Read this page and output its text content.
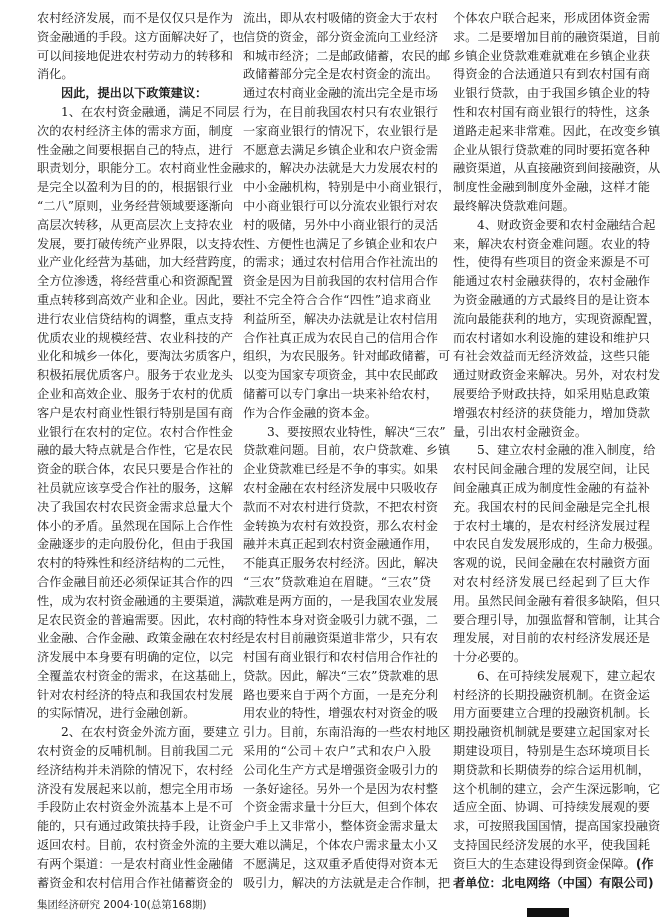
农村经济发展，而不是仅仅只是作为
资金融通的手段。这方面解决好了，也
可以间接地促进农村劳动力的转移和
消化。
因此，提出以下政策建议：
1、在农村资金融通，满足不同层
次的农村经济主体的需求方面，制度
性金融之间要根据自己的特点，进行
职责划分，职能分工。农村商业性金融
是完全以盈利为目的的，根据银行业
“二八”原则，业务经营领域要逐渐向
高层次转移，从更高层次上支持农业
发展，要打破传统产业界限，以支持农
业产业化经营为基础，加大经营跨度，
全方位渗透，将经营重心和资源配置
重点转移到高效产业和企业。因此，要
进行农业信贷结构的调整，重点支持
优质农业的规模经营、农业科技的产
业化和城乡一体化，要淘汰劣质客户，
积极拓展优质客户。服务于农业龙头
企业和高效企业、服务于农村的优质
客户是农村商业性银行特别是国有商
业银行在农村的定位。农村合作性金
融的最大特点就是合作性，它是农民
资金的联合体，农民只要是合作社的
社员就应该享受合作社的服务，这解
决了我国农村农民资金需求总量大个
体小的矛盾。虽然现在国际上合作性
金融逐步的走向股份化，但由于我国
农村的特殊性和经济结构的二元性，
合作金融目前还必须保证其合作的四
性，成为农村资金融通的主要渠道，满
足农民资金的普遍需要。因此，农村商
业金融、合作金融、政策金融在农村经
济发展中本身要有明确的定位，以完
全覆盖农村资金的需求，在这基础上，
针对农村经济的特点和我国农村发展
的实际情况，进行金融创新。
2、在农村资金外流方面，要建立
农村资金的反哺机制。目前我国二元
经济结构并未消除的情况下，农村经
济没有发展起来以前，想完全用市场
手段防止农村资金外流基本上是不可
能的，只有通过政策扶持手段，让资金
返回农村。目前，农村资金外流的主要
有两个渠道：一是农村商业性金融储
蓄资金和农村信用合作社储蓄资金的
流出，即从农村吸储的资金大于农村
信贷的资金，部分资金流向工业经济
和城市经济；二是邮政储蓄，农民的邮
政储蓄部分完全是农村资金的流出。
通过农村商业金融的流出完全是市场
行为，在目前我国农村只有农业银行
一家商业银行的情况下，农业银行是
不愿意去满足乡镇企业和农户资金需
求的，解决办法就是大力发展农村的
中小金融机构，特别是中小商业银行，
中小商业银行可以分流农业银行对农
村的吸储，另外中小商业银行的灵活
性、方便性也满足了乡镇企业和农户
的需求；通过农村信用合作社流出的
资金是因为目前我国的农村信用合作
社不完全符合合作“四性”追求商业
利益所至，解决办法就是让农村信用
合作社真正成为农民自己的信用合作
组织，为农民服务。针对邮政储蓄，可
以变为国家专项资金，其中农民邮政
储蓄可以专门拿出一块来补给农村，
作为合作金融的资本金。
3、要按照农业特性，解决“三农”
贷款难问题。目前，农户贷款难、乡镇
企业贷款难已经是不争的事实。如果
农村金融在农村经济发展中只吸收存
款而不对农村进行贷款，不把农村资
金转换为农村有效投资，那么农村金
融并未真正起到农村资金融通作用，
不能真正服务农村经济。因此，解决
“三农”贷款难迫在眉睫。“三农”贷
款难是两方面的，一是我国农业发展
的特性本身对资金吸引力就不强，二
是农村目前融资渠道非常少，只有农
村国有商业银行和农村信用合作社的
贷款。因此，解决“三农”贷款难的思
路也要来自于两个方面，一是充分利
用农业的特性，增强农村对资金的吸
引力。目前，东南沿海的一些农村地区
采用的“公司＋农户”式和农户入股
公司化生产方式是增强资金吸引力的
一条好途径。另外一个是因为农村整
个资金需求量十分巨大，但到个体农
户手上又非常小，整体资金需求量太
大难以满足，个体农户需求量太小又
不愿满足，这双重矛盾使得对资本无
吸引力，解决的方法就是走合作制，把
个体农户联合起来，形成团体资金需
求。二是要增加目前的融资渠道，目前
乡镇企业贷款难难就难在乡镇企业获
得资金的合法通道只有到农村国有商
业银行贷款，由于我国乡镇企业的特
性和农村国有商业银行的特性，这条
道路走起来非常难。因此，在改变乡镇
企业从银行贷款难的同时要拓宽各种
融资渠道，从直接融资到间接融资，从
制度性金融到制度外金融，这样才能
最终解决贷款难问题。
4、财政资金要和农村金融结合起
来，解决农村资金难问题。农业的特
性，使得有些项目的资金来源是不可
能通过农村金融获得的，农村金融作
为资金融通的方式最终目的是让资本
流向最能获利的地方，实现资源配置，
而农村诸如水利设施的建设和维护只
有社会效益而无经济效益，这些只能
通过财政资金来解决。另外，对农村发
展要给予财政扶持，如采用贴息政策
增强农村经济的获贷能力，增加贷款
量，引出农村金融资金。
5、建立农村金融的准入制度，给
农村民间金融合理的发展空间，让民
间金融真正成为制度性金融的有益补
充。我国农村的民间金融是完全扎根
于农村土壤的，是农村经济发展过程
中农民自发发展形成的，生命力极强。
客观的说，民间金融在农村融资方面
对农村经济发展已经起到了巨大作
用。虽然民间金融有着很多缺陷，但只
要合理引导，加强监督和管制，让其合
理发展，对目前的农村经济发展还是
十分必要的。
6、在可持续发展观下，建立起农
村经济的长期投融资机制。在资金运
用方面要建立合理的投融资机制。长
期投融资机制就是要建立起国家对长
期建设项目，特别是生态环境项目长
期贷款和长期债券的综合运用机制，
这个机制的建立，会产生深远影响，它
适应全面、协调、可持续发展观的要
求，可按照我国国情，提高国家投融资
支持国民经济发展的水平，使我国耗
资巨大的生态建设得到资金保障。(作
者单位：北电网络（中国）有限公司)
集团经济研究 2004·10(总第168期)
